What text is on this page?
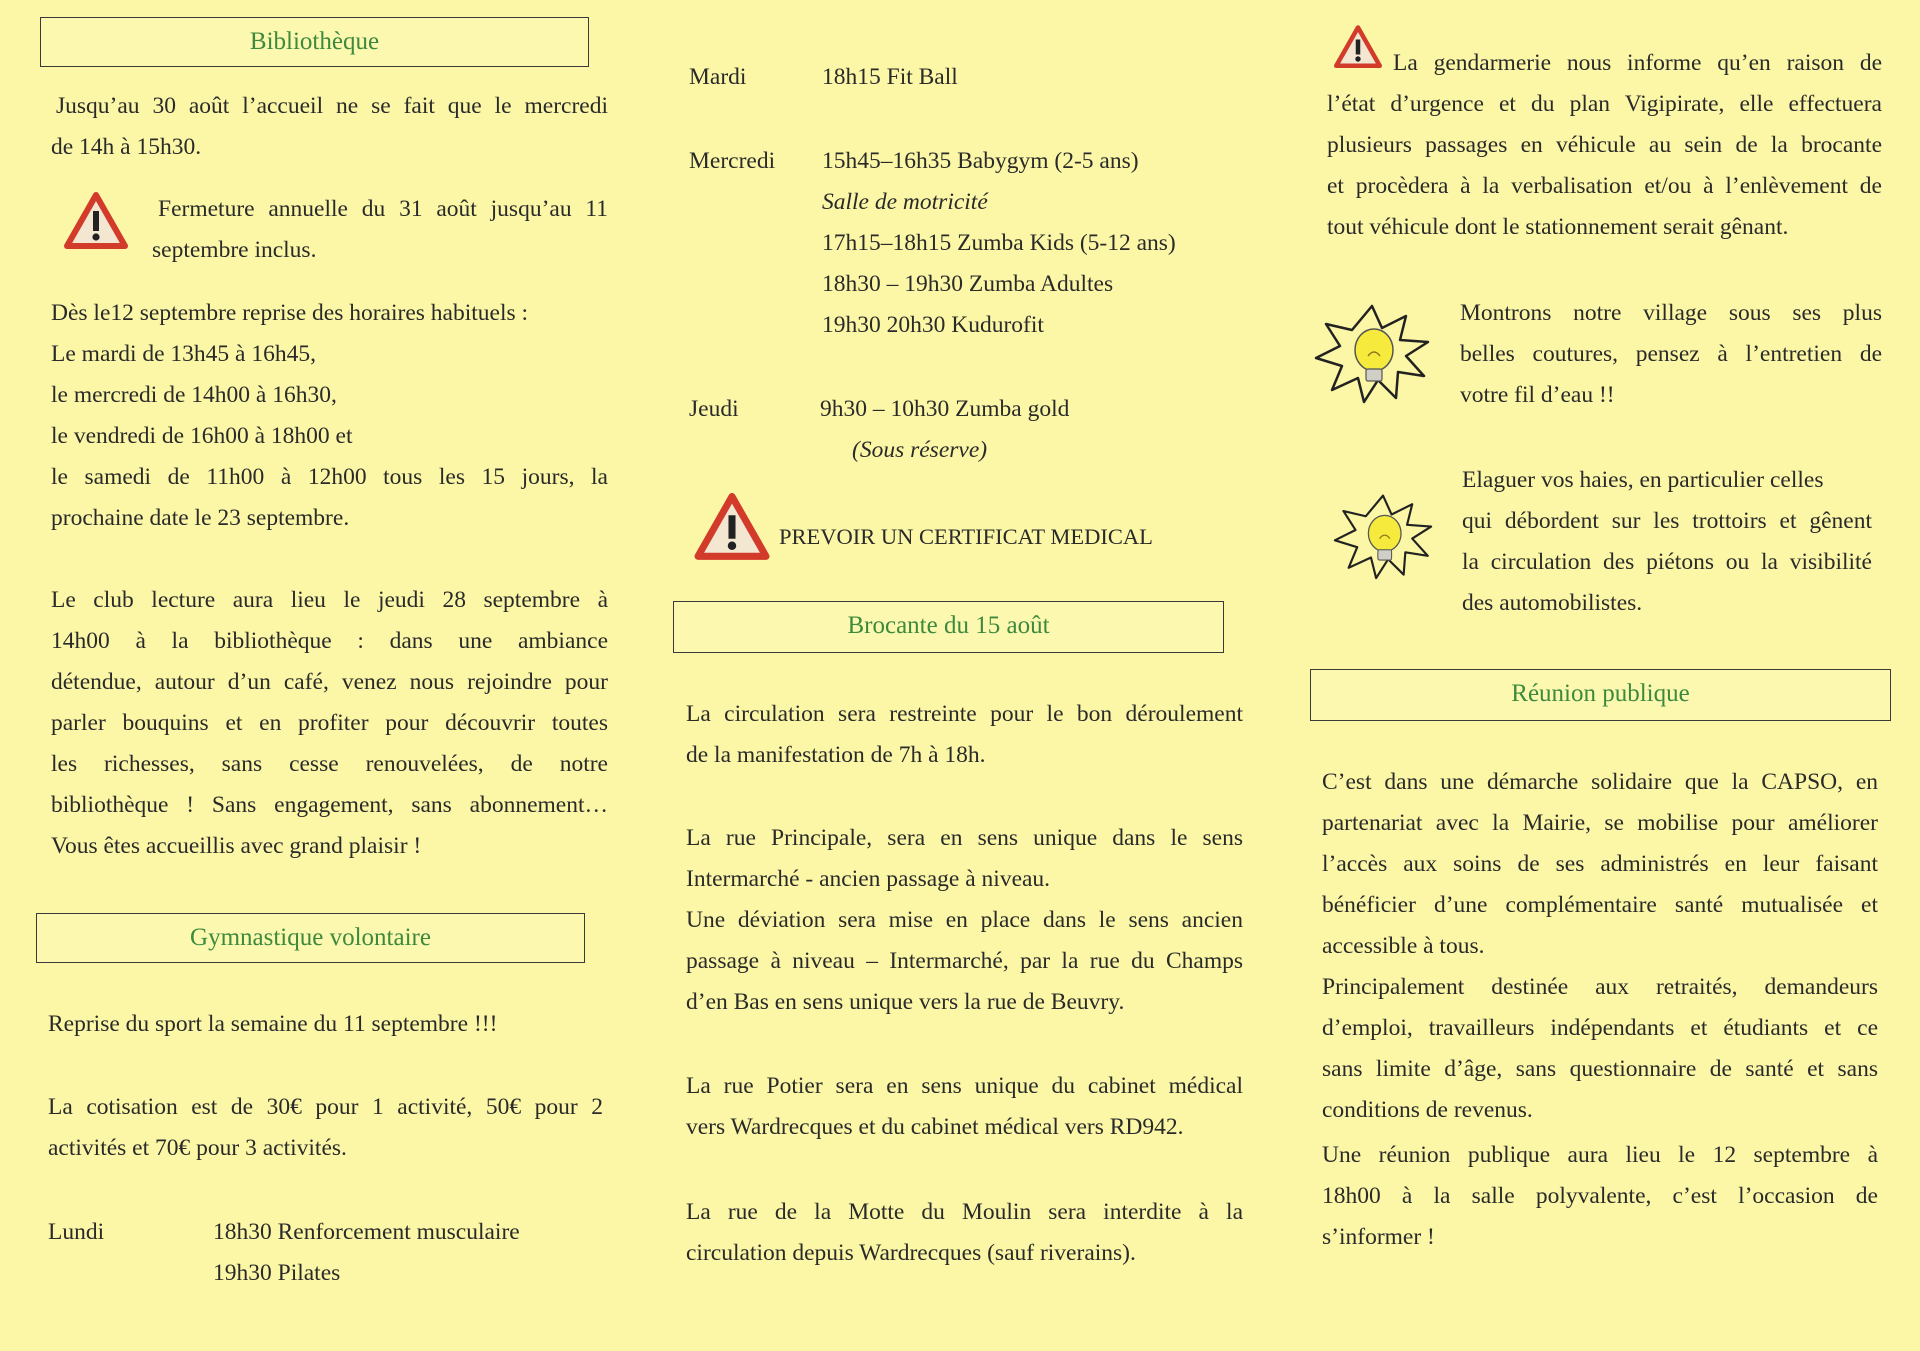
Bibliothèque
Jusqu’au 30 août l’accueil ne se fait que le mercredi
de 14h à 15h30.
Fermeture annuelle du 31 août jusqu’au 11
septembre inclus.
Dès le12 septembre reprise des horaires habituels :
Le mardi de 13h45 à 16h45,
le mercredi de 14h00 à 16h30,
le vendredi de 16h00 à 18h00 et
le samedi de 11h00 à 12h00 tous les 15 jours, la
prochaine date le 23 septembre.
Le club lecture aura lieu le jeudi 28 septembre à
14h00 à la bibliothèque : dans une ambiance
détendue, autour d’un café, venez nous rejoindre pour
parler bouquins et en profiter pour découvrir toutes
les richesses, sans cesse renouvelées, de notre
bibliothèque ! Sans engagement, sans abonnement…
Vous êtes accueillis avec grand plaisir !
Gymnastique volontaire
Reprise du sport la semaine du 11 septembre !!!
La cotisation est de 30€ pour 1 activité, 50€ pour 2
activités et 70€ pour 3 activités.
Lundi	18h30 Renforcement musculaire
19h30 Pilates
Mardi	18h15 Fit Ball
Mercredi 15h45–16h35 Babygym (2-5 ans)
Salle de motricité
17h15–18h15 Zumba Kids (5-12 ans)
18h30 – 19h30 Zumba Adultes
19h30 20h30 Kudurofit
Jeudi	9h30 – 10h30 Zumba gold
(Sous réserve)
PREVOIR UN CERTIFICAT MEDICAL
Brocante du 15 août
La circulation sera restreinte pour le bon déroulement
de la manifestation de 7h à 18h.
La rue Principale, sera en sens unique dans le sens
Intermarché - ancien passage à niveau.
Une déviation sera mise en place dans le sens ancien
passage à niveau – Intermarché, par la rue du Champs
d’en Bas en sens unique vers la rue de Beuvry.
La rue Potier sera en sens unique du cabinet médical
vers Wardrecques et du cabinet médical vers RD942.
La rue de la Motte du Moulin sera interdite à la
circulation depuis Wardrecques (sauf riverains).
La gendarmerie nous informe qu’en raison de
l’état d’urgence et du plan Vigipirate, elle effectuera
plusieurs passages en véhicule au sein de la brocante
et procèdera à la verbalisation et/ou à l’enlèvement de
tout véhicule dont le stationnement serait gênant.
Montrons notre village sous ses plus
belles coutures, pensez à l’entretien de
votre fil d’eau !!
Elaguer vos haies, en particulier celles
qui débordent sur les trottoirs et gênent
la circulation des piétons ou la visibilité
des automobilistes.
Réunion publique
C’est dans une démarche solidaire que la CAPSO, en
partenariat avec la Mairie, se mobilise pour améliorer
l’accès aux soins de ses administrés en leur faisant
bénéficier d’une complémentaire santé mutualisée et
accessible à tous.
Principalement destinée aux retraités, demandeurs
d’emploi, travailleurs indépendants et étudiants et ce
sans limite d’âge, sans questionnaire de santé et sans
conditions de revenus.
Une réunion publique aura lieu le 12 septembre à
18h00 à la salle polyvalente, c’est l’occasion de
s’informer !
